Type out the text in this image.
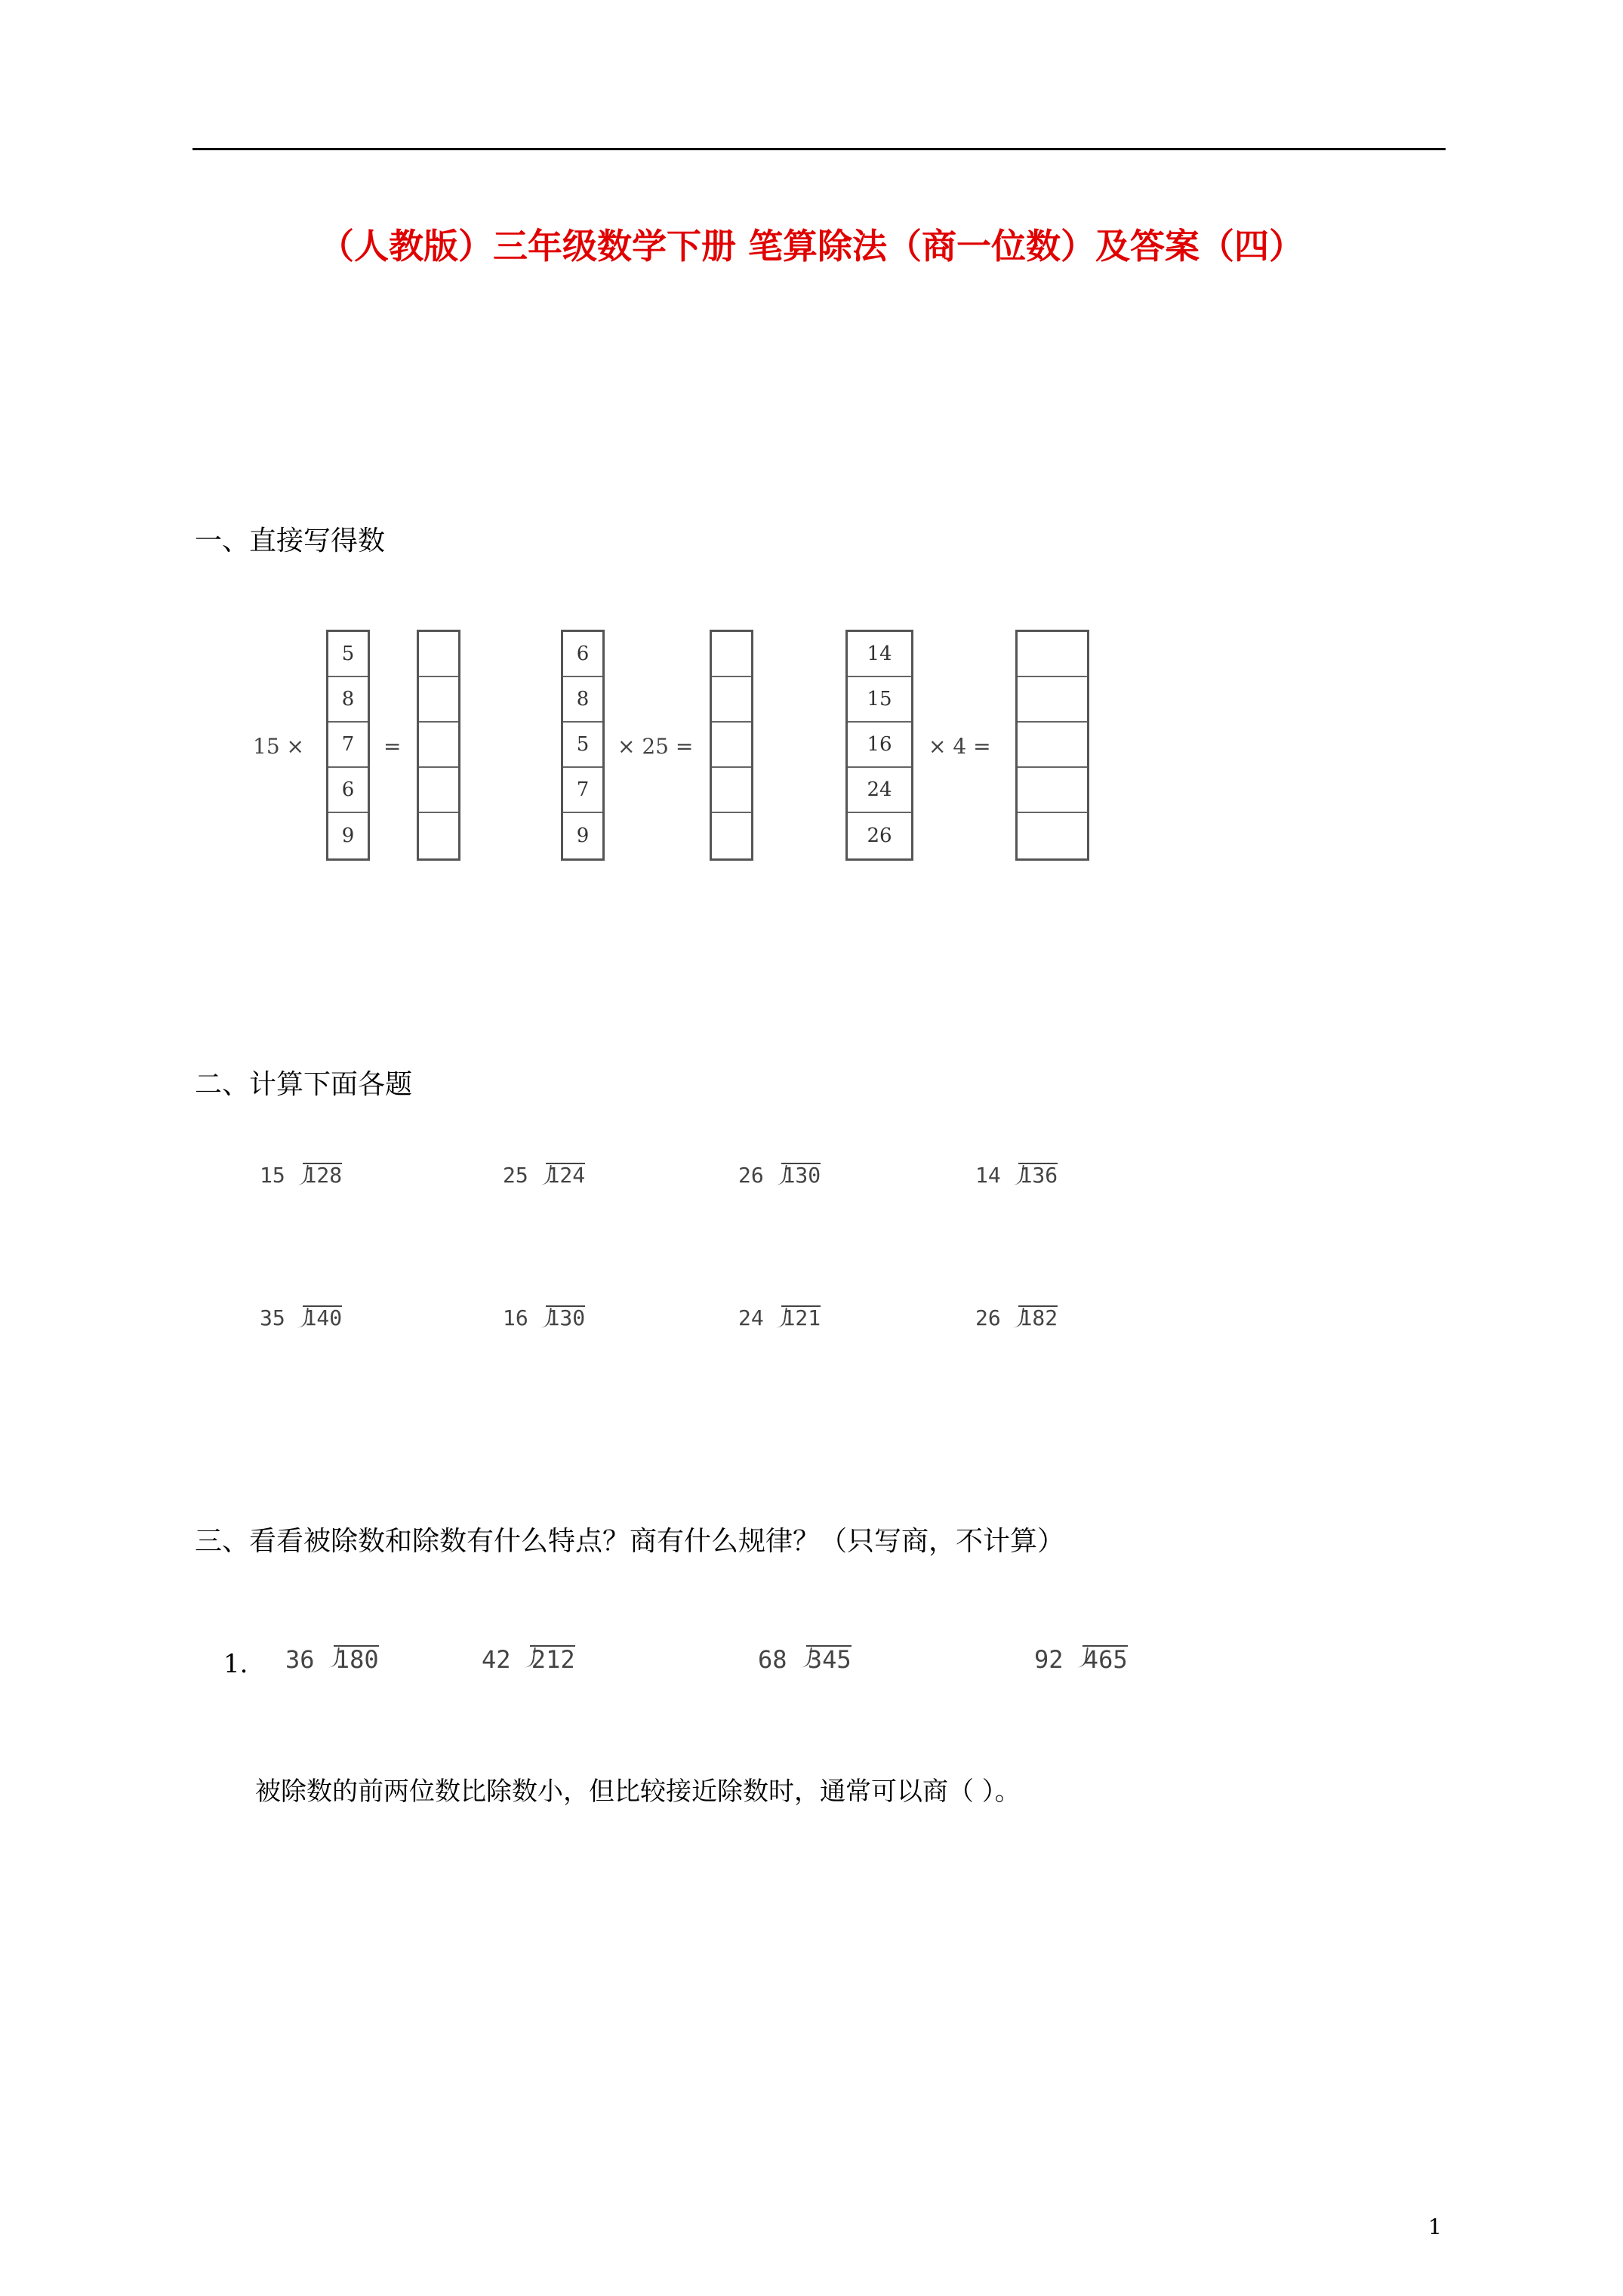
（人教版）三年级数学下册 笔算除法（商一位数）及答案（四）
一、直接写得数
15 ×
5
8
7
6
9
=
6
8
5
7
9
× 25 =
14
15
16
24
26
× 4 =
二、计算下面各题
15 128	25 124	26 130	14 136
35 140	16 130	24 121	26 182
三、看看被除数和除数有什么特点？商有什么规律？（只写商，不计算）
1. 36 180	42 212	68 345	92 465
被除数的前两位数比除数小，但比较接近除数时，通常可以商（ ）。
1
